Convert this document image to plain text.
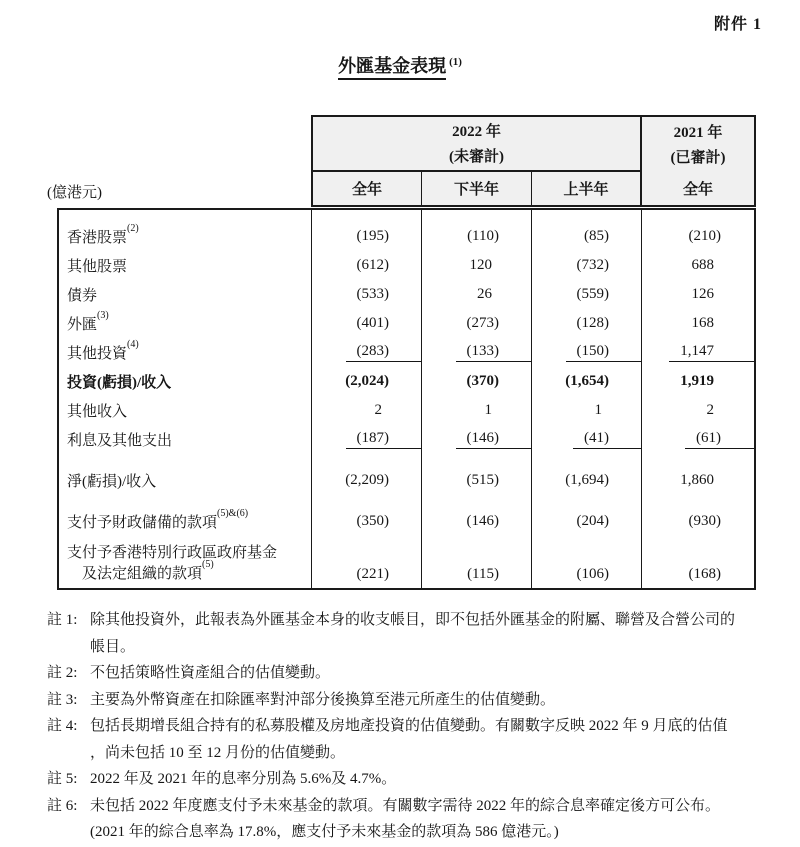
附件 1
外匯基金表現 $^{(1)}$
(億港元)
2022 年
(未審計)
2021 年
(已審計)
全年	下半年	上半年	全年
香港股票$^{(2)}$	(195)	(110)	(85)	(210)
其他股票	(612)	120	(732)	688
債券	(533)	26	(559)	126
外匯$^{(3)}$	(401)	(273)	(128)	168
其他投資$^{(4)}$	(283)	(133)	(150)	1,147
投資(虧損)/收入	(2,024)	(370)	(1,654)	1,919
其他收入	2	1	1	2
利息及其他支出	(187)	(146)	(41)	(61)
淨(虧損)/收入	(2,209)	(515)	(1,694)	1,860
支付予財政儲備的款項$^{(5)\&(6)}$	(350)	(146)	(204)	(930)
支付予香港特別行政區政府基金
及法定組織的款項$^{(5)}$
(221)	(115)	(106)	(168)
註 1: 除其他投資外，此報表為外匯基金本身的收支帳目，即不包括外匯基金的附屬、聯營及合營公司的
帳目。
註 2: 不包括策略性資產組合的估值變動。
註 3: 主要為外幣資產在扣除匯率對沖部分後換算至港元所產生的估值變動。
註 4: 包括長期增長組合持有的私募股權及房地產投資的估值變動。有關數字反映 2022 年 9 月底的估值
，尚未包括 10 至 12 月份的估值變動。
註 5: 2022 年及 2021 年的息率分別為 5.6%及 4.7%。
註 6: 未包括 2022 年度應支付予未來基金的款項。有關數字需待 2022 年的綜合息率確定後方可公布。
(2021 年的綜合息率為 17.8%，應支付予未來基金的款項為 586 億港元。)
